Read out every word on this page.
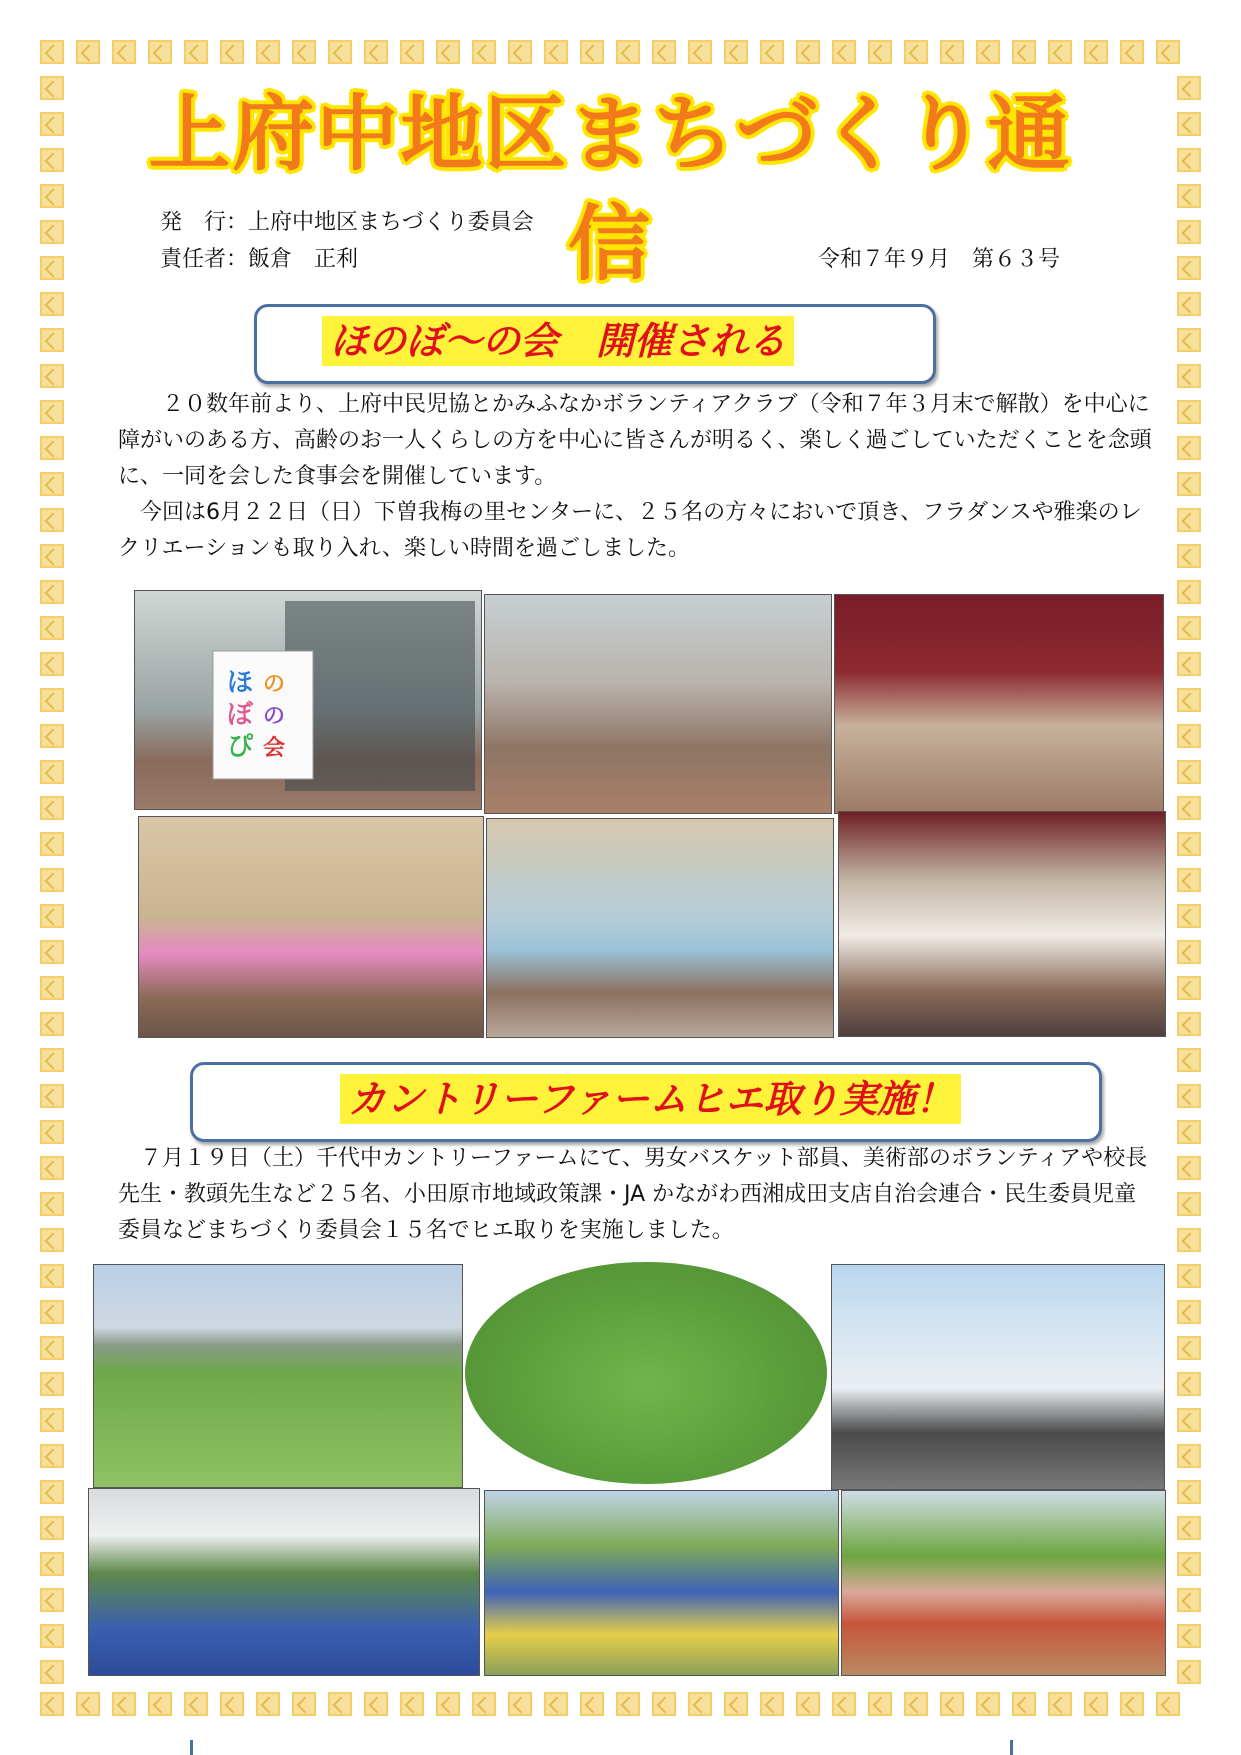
上府中地区まちづくり通信
発　行：上府中地区まちづくり委員会
責任者：飯倉　正利	令和７年９月　第６３号
ほのぼ～の会　開催される
２０数年前より、上府中民児協とかみふなかボランティアクラブ（令和７年３月末で解散）を中心に障がいのある方、高齢のお一人くらしの方を中心に皆さんが明るく、楽しく過ごしていただくことを念頭に、一同を会した食事会を開催しています。
今回は6月２２日（日）下曽我梅の里センターに、２５名の方々においで頂き、フラダンスや雅楽のレクリエーションも取り入れ、楽しい時間を過ごしました。
ほ
ぼ
ぴ
の
の
会
カントリーファームヒエ取り実施！
７月１９日（土）千代中カントリーファームにて、男女バスケット部員、美術部のボランティアや校長先生・教頭先生など２５名、小田原市地域政策課・JA かながわ西湘成田支店自治会連合・民生委員児童委員などまちづくり委員会１５名でヒエ取りを実施しました。
